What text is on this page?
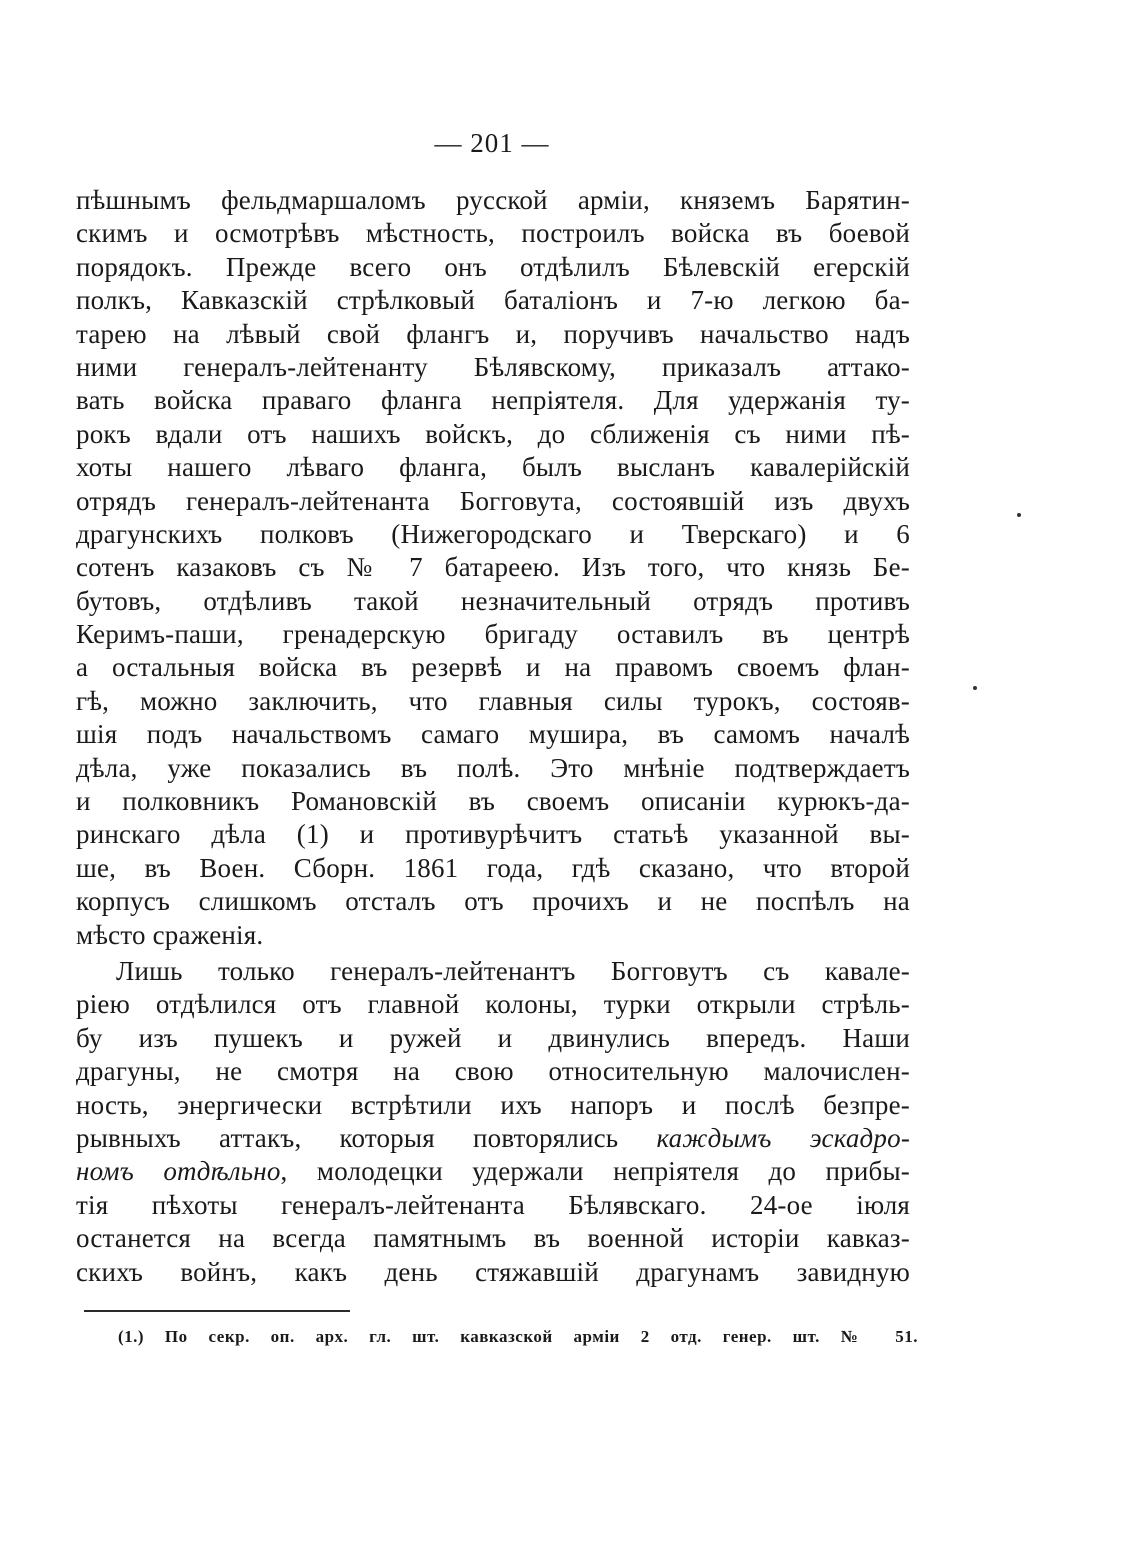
— 201 —
пѣшнымъ фельдмаршаломъ русской арміи, княземъ Барятин-
скимъ и осмотрѣвъ мѣстность, построилъ войска въ боевой
порядокъ. Прежде всего онъ отдѣлилъ Бѣлевскій егерскій
полкъ, Кавказскій стрѣлковый баталіонъ и 7-ю легкою ба-
тарею на лѣвый свой флангъ и, поручивъ начальство надъ
ними генералъ-лейтенанту Бѣлявскому, приказалъ аттако-
вать войска праваго фланга непріятеля. Для удержанія ту-
рокъ вдали отъ нашихъ войскъ, до сближенія съ ними пѣ-
хоты нашего лѣваго фланга, былъ высланъ кавалерійскій
отрядъ генералъ-лейтенанта Богговута, состоявшій изъ двухъ
драгунскихъ полковъ (Нижегородскаго и Тверскаго) и 6
сотенъ казаковъ съ № 7 батареею. Изъ того, что князь Бе-
бутовъ, отдѣливъ такой незначительный отрядъ противъ
Керимъ-паши, гренадерскую бригаду оставилъ въ центрѣ
а остальныя войска въ резервѣ и на правомъ своемъ флан-
гѣ, можно заключить, что главныя силы турокъ, состояв-
шія подъ начальствомъ самаго мушира, въ самомъ началѣ
дѣла, уже показались въ полѣ. Это мнѣніе подтверждаетъ
и полковникъ Романовскій въ своемъ описаніи курюкъ-да-
ринскаго дѣла (1) и противурѣчитъ статьѣ указанной вы-
ше, въ Воен. Сборн. 1861 года, гдѣ сказано, что второй
корпусъ слишкомъ отсталъ отъ прочихъ и не поспѣлъ на
мѣсто сраженія.
Лишь только генералъ-лейтенантъ Богговутъ съ кавале-
ріею отдѣлился отъ главной колоны, турки открыли стрѣль-
бу изъ пушекъ и ружей и двинулись впередъ. Наши
драгуны, не смотря на свою относительную малочислен-
ность, энергически встрѣтили ихъ напоръ и послѣ безпре-
рывныхъ аттакъ, которыя повторялись каждымъ эскадро-
номъ отдѣльно, молодецки удержали непріятеля до прибы-
тія пѣхоты генералъ-лейтенанта Бѣлявскаго. 24-ое іюля
останется на всегда памятнымъ въ военной исторіи кавказ-
скихъ войнъ, какъ день стяжавшій драгунамъ завидную
(1.) По секр. оп. арх. гл. шт. кавказской арміи 2 отд. генер. шт. № 51.
